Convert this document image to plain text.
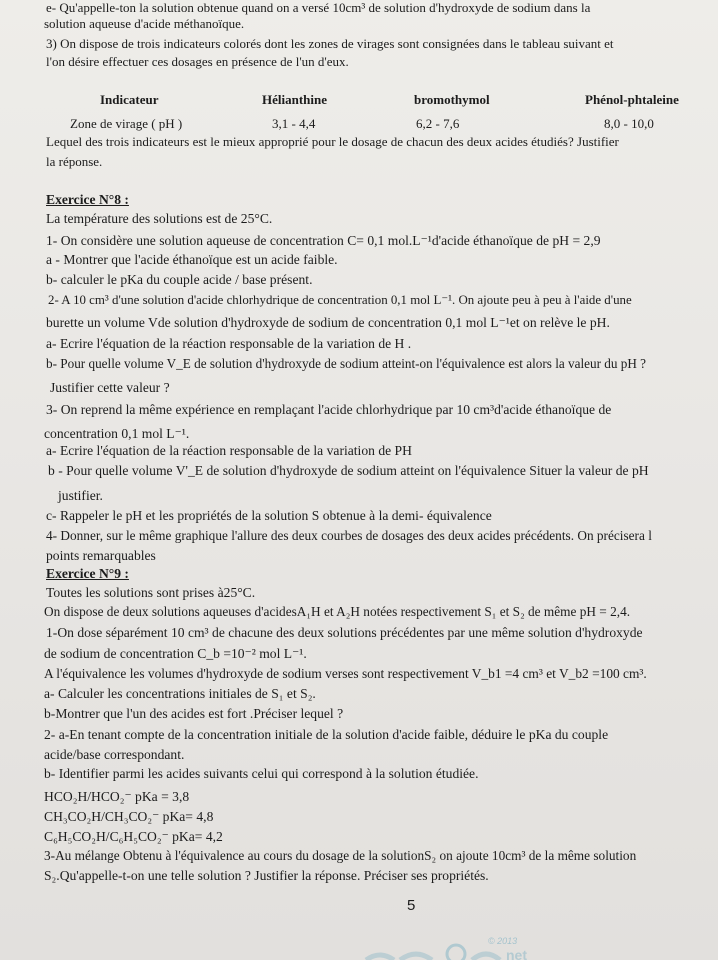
e- Qu'appelle-ton la solution obtenue quand on a versé 10cm³ de solution d'hydroxyde de sodium dans la
solution aqueuse d'acide méthanoïque.
3) On dispose de trois indicateurs colorés dont les zones de virages sont consignées dans le tableau suivant et
l'on désire effectuer ces dosages en présence de l'un d'eux.
Indicateur	Hélianthine	bromothymol	Phénol-phtaleine
Zone de virage ( pH )	3,1 - 4,4	6,2 - 7,6	8,0 - 10,0
Lequel des trois indicateurs est le mieux approprié pour le dosage de chacun des deux acides étudiés? Justifier
la réponse.
Exercice N°8 :
La température des solutions est de 25°C.
1- On considère une solution aqueuse de concentration C= 0,1 mol.L⁻¹d'acide éthanoïque de pH = 2,9
a - Montrer que l'acide éthanoïque est un acide faible.
b- calculer le pKa du couple acide / base présent.
2- A 10 cm³ d'une solution d'acide chlorhydrique de concentration 0,1 mol L⁻¹. On ajoute peu à peu à l'aide d'une
burette un volume Vde solution d'hydroxyde de sodium de concentration 0,1 mol L⁻¹et on relève le pH.
a- Ecrire l'équation de la réaction responsable de la variation de H .
b- Pour quelle volume V_E de solution d'hydroxyde de sodium atteint-on l'équivalence est alors la valeur du pH ?
Justifier cette valeur ?
3- On reprend la même expérience en remplaçant l'acide chlorhydrique par 10 cm³d'acide éthanoïque de
concentration 0,1 mol L⁻¹.
a- Ecrire l'équation de la réaction responsable de la variation de PH
b - Pour quelle volume V'_E de solution d'hydroxyde de sodium atteint on l'équivalence Situer la valeur de pH
justifier.
c- Rappeler le pH et les propriétés de la solution S obtenue à la demi- équivalence
4- Donner, sur le même graphique l'allure des deux courbes de dosages des deux acides précédents. On précisera l
points remarquables
Exercice N°9 :
Toutes les solutions sont prises à25°C.
On dispose de deux solutions aqueuses d'acidesA₁H et A₂H notées respectivement S₁ et S₂ de même pH = 2,4.
1-On dose séparément 10 cm³ de chacune des deux solutions précédentes par une même solution d'hydroxyde
de sodium de concentration C_b =10⁻² mol L⁻¹.
A l'équivalence les volumes d'hydroxyde de sodium verses sont respectivement V_b1 =4 cm³ et V_b2 =100 cm³.
a- Calculer les concentrations initiales de S₁ et S₂.
b-Montrer que l'un des acides est fort .Préciser lequel ?
2- a-En tenant compte de la concentration initiale de la solution d'acide faible, déduire le pKa du couple
acide/base correspondant.
b- Identifier parmi les acides suivants celui qui correspond à la solution étudiée.
HCO₂H/HCO₂⁻ pKa = 3,8
CH₃CO₂H/CH₃CO₂⁻ pKa= 4,8
C₆H₅CO₂H/C₆H₅CO₂⁻ pKa= 4,2
3-Au mélange Obtenu à l'équivalence au cours du dosage de la solutionS₂ on ajoute 10cm³ de la même solution
S₂.Qu'appelle-t-on une telle solution ? Justifier la réponse. Préciser ses propriétés.
5
© 2013
net
